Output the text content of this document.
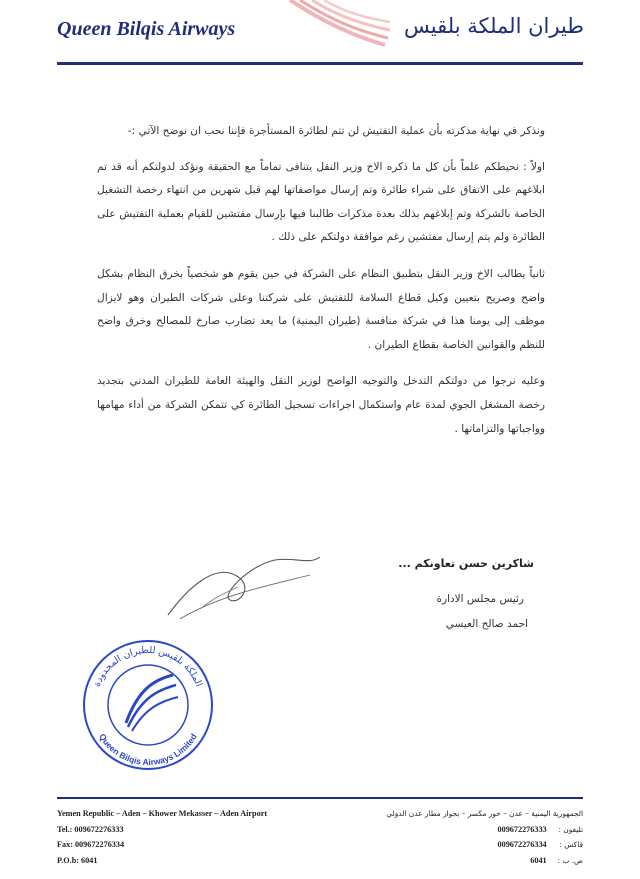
Queen Bilqis Airways	طيران الملكة بلقيس

ونذكر في نهاية مذكرته بأن عملية التفتيش لن تتم لطائرة المستأجرة فإننا نحب ان نوضح الآتي :-

اولاً : نحيطكم علماً بأن كل ما ذكره الاخ وزير النقل يتنافى تماماً مع الحقيقة ونؤكد لدولتكم أنه قد تم ابلاغهم على الاتفاق على شراء طائرة وتم إرسال مواصفاتها لهم قبل شهرين من انتهاء رخصة التشغيل الخاصة بالشركة وتم إبلاغهم بذلك بعدة مذكرات طالبنا فيها بإرسال مفتشين للقيام بعملية التفتيش على الطائرة ولم يتم إرسال مفتشين رغم موافقة دولتكم على ذلك .

ثانياً يطالب الاخ وزير النقل بتطبيق النظام على الشركة في حين يقوم هو شخصياً بخرق النظام بشكل واضح وصريح بتعيين وكيل قطاع السلامة للتفتيش على شركتنا وعلى شركات الطيران وهو لايزال موظف إلى يومنا هذا في شركة منافسة (طيران اليمنية) ما يعد تضارب صارخ للمصالح وخرق واضح للنظم والقوانين الخاصة بقطاع الطيران .

وعليه نرجوا من دولتكم التدخل والتوجيه الواضح لوزير النقل والهيئة العامة للطيران المدني بتجديد رخصة المشغل الجوي لمدة عام واستكمال اجراءات تسجيل الطائرة كي تتمكن الشركة من أداء مهامها وواجباتها والتزاماتها .

شاكرين حسن تعاونكم ...
رئيس مجلس الادارة
احمد صالح العيسي
الملكة بلقيس للطيران المحدودة
Queen Bilqis Airways Limited
Yemen Republic – Aden – Khower Mekasser – Aden Airport
Tel.: 009672276333
Fax: 009672276334
P.O.b: 6041
الجمهورية اليمنية – عدن – خور مكسر – بجوار مطار عدن الدولي
تليفون : 009672276333
فاكس : 009672276334
ص. ب : 6041
